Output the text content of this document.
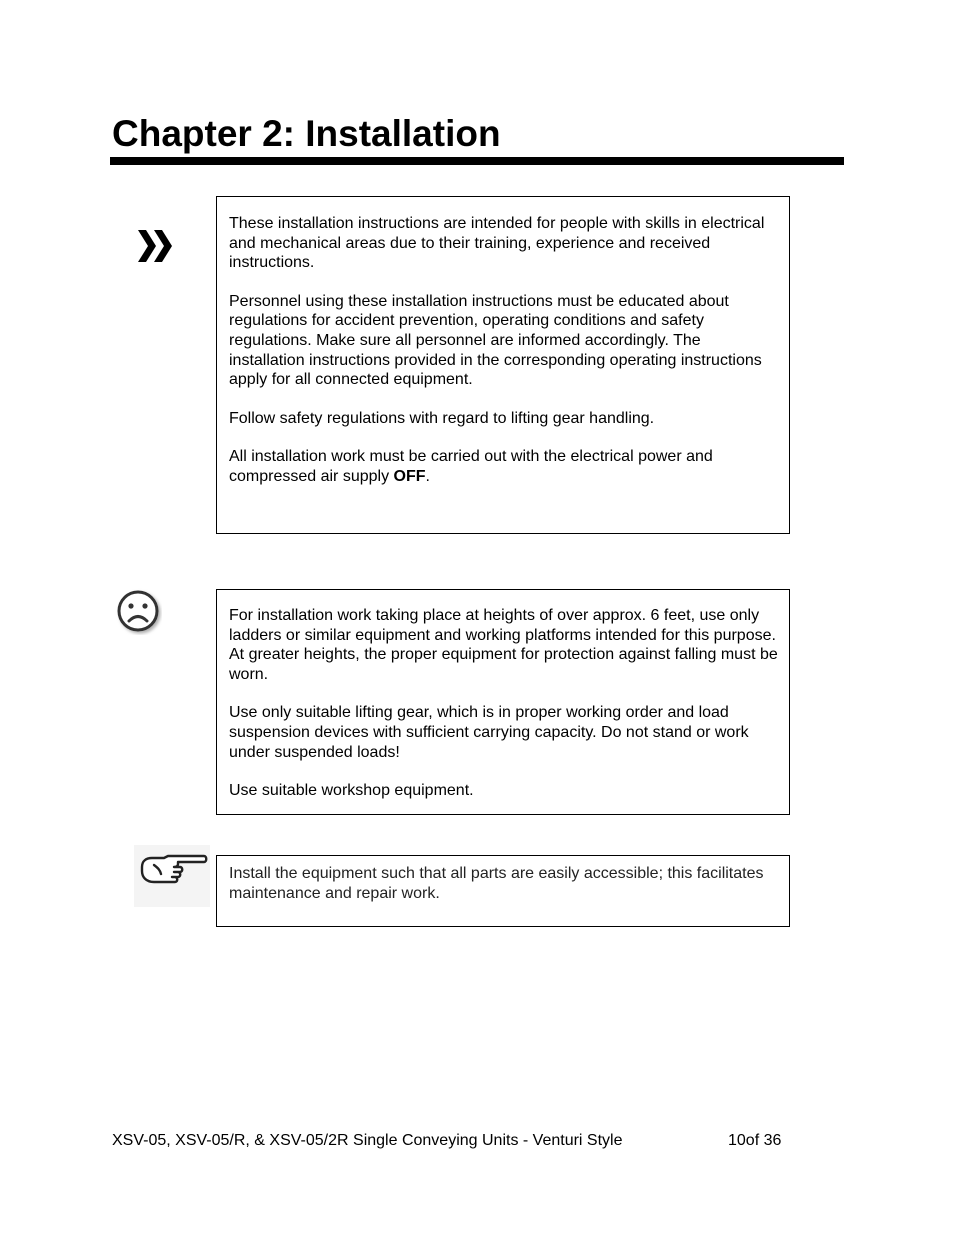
Chapter 2: Installation

These installation instructions are intended for people with skills in electrical and mechanical areas due to their training, experience and received instructions.

Personnel using these installation instructions must be educated about regulations for accident prevention, operating conditions and safety regulations. Make sure all personnel are informed accordingly. The installation instructions provided in the corresponding operating instructions apply for all connected equipment.

Follow safety regulations with regard to lifting gear handling.

All installation work must be carried out with the electrical power and compressed air supply OFF.

For installation work taking place at heights of over approx. 6 feet, use only ladders or similar equipment and working platforms intended for this purpose. At greater heights, the proper equipment for protection against falling must be worn.

Use only suitable lifting gear, which is in proper working order and load suspension devices with sufficient carrying capacity. Do not stand or work under suspended loads!

Use suitable workshop equipment.

Install the equipment such that all parts are easily accessible; this facilitates maintenance and repair work.

XSV-05, XSV-05/R, & XSV-05/2R Single Conveying Units - Venturi Style	10of 36
